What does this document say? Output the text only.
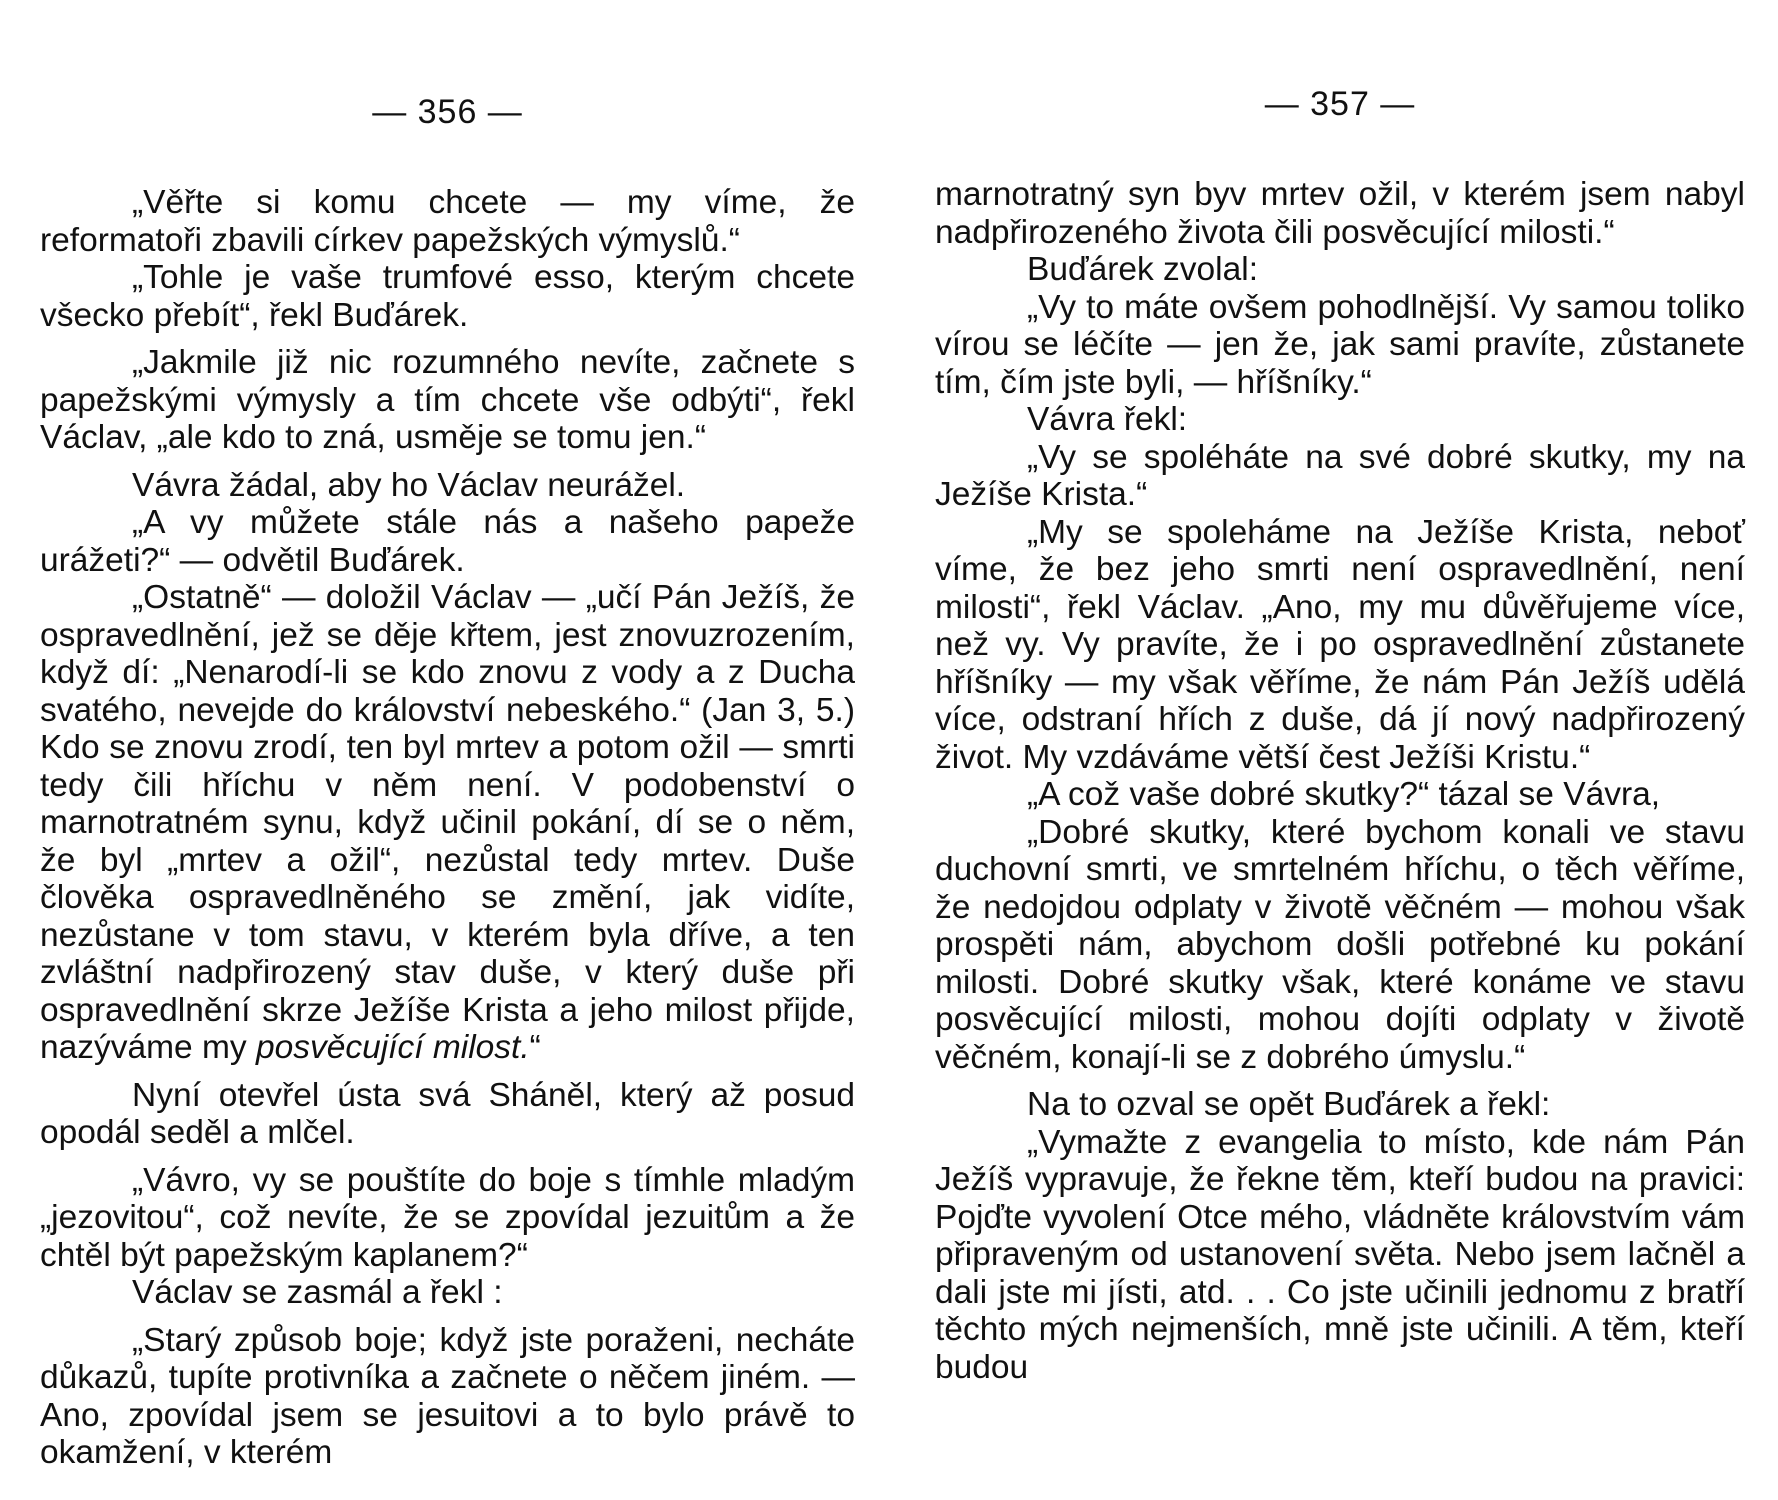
— 356 —

„Věřte si komu chcete — my víme, že reformatoři zbavili církev papežských výmyslů.“

„Tohle je vaše trumfové esso, kterým chcete všecko přebít“, řekl Buďárek.

„Jakmile již nic rozumného nevíte, začnete s papežskými výmysly a tím chcete vše odbýti“, řekl Václav, „ale kdo to zná, usměje se tomu jen.“

Vávra žádal, aby ho Václav neurážel.

„A vy můžete stále nás a našeho papeže urážeti?“ — odvětil Buďárek.

„Ostatně“ — doložil Václav — „učí Pán Ježíš, že ospravedlnění, jež se děje křtem, jest znovuzrozením, když dí: „Nenarodí-li se kdo znovu z vody a z Ducha svatého, nevejde do království nebeského.“ (Jan 3, 5.) Kdo se znovu zrodí, ten byl mrtev a potom ožil — smrti tedy čili hříchu v něm není. V podobenství o marnotratném synu, když učinil pokání, dí se o něm, že byl „mrtev a ožil“, nezůstal tedy mrtev. Duše člověka ospravedlněného se změní, jak vidíte, nezůstane v tom stavu, v kterém byla dříve, a ten zvláštní nadpřirozený stav duše, v který duše při ospravedlnění skrze Ježíše Krista a jeho milost přijde, nazýváme my posvěcující milost.“

Nyní otevřel ústa svá Sháněl, který až posud opodál seděl a mlčel.

„Vávro, vy se pouštíte do boje s tímhle mladým „jezovitou“, což nevíte, že se zpovídal jezuitům a že chtěl být papežským kaplanem?“

Václav se zasmál a řekl :

„Starý způsob boje; když jste poraženi, necháte důkazů, tupíte protivníka a začnete o něčem jiném. — Ano, zpovídal jsem se jesuitovi a to bylo právě to okamžení, v kterém

— 357 —

marnotratný syn byv mrtev ožil, v kterém jsem nabyl nadpřirozeného života čili posvěcující milosti.“

Buďárek zvolal:

„Vy to máte ovšem pohodlnější. Vy samou toliko vírou se léčíte — jen že, jak sami pravíte, zůstanete tím, čím jste byli, — hříšníky.“

Vávra řekl:

„Vy se spoléháte na své dobré skutky, my na Ježíše Krista.“

„My se spoleháme na Ježíše Krista, neboť víme, že bez jeho smrti není ospravedlnění, není milosti“, řekl Václav. „Ano, my mu důvěřujeme více, než vy. Vy pravíte, že i po ospravedlnění zůstanete hříšníky — my však věříme, že nám Pán Ježíš udělá více, odstraní hřích z duše, dá jí nový nadpřirozený život. My vzdáváme větší čest Ježíši Kristu.“

„A což vaše dobré skutky?“ tázal se Vávra,

„Dobré skutky, které bychom konali ve stavu duchovní smrti, ve smrtelném hříchu, o těch věříme, že nedojdou odplaty v životě věčném — mohou však prospěti nám, abychom došli potřebné ku pokání milosti. Dobré skutky však, které konáme ve stavu posvěcující milosti, mohou dojíti odplaty v životě věčném, konají-li se z dobrého úmyslu.“

Na to ozval se opět Buďárek a řekl:

„Vymažte z evangelia to místo, kde nám Pán Ježíš vypravuje, že řekne těm, kteří budou na pravici: Pojďte vyvolení Otce mého, vládněte královstvím vám připraveným od ustanovení světa. Nebo jsem lačněl a dali jste mi jísti, atd. . . Co jste učinili jednomu z bratří těchto mých nejmenších, mně jste učinili. A těm, kteří budou
